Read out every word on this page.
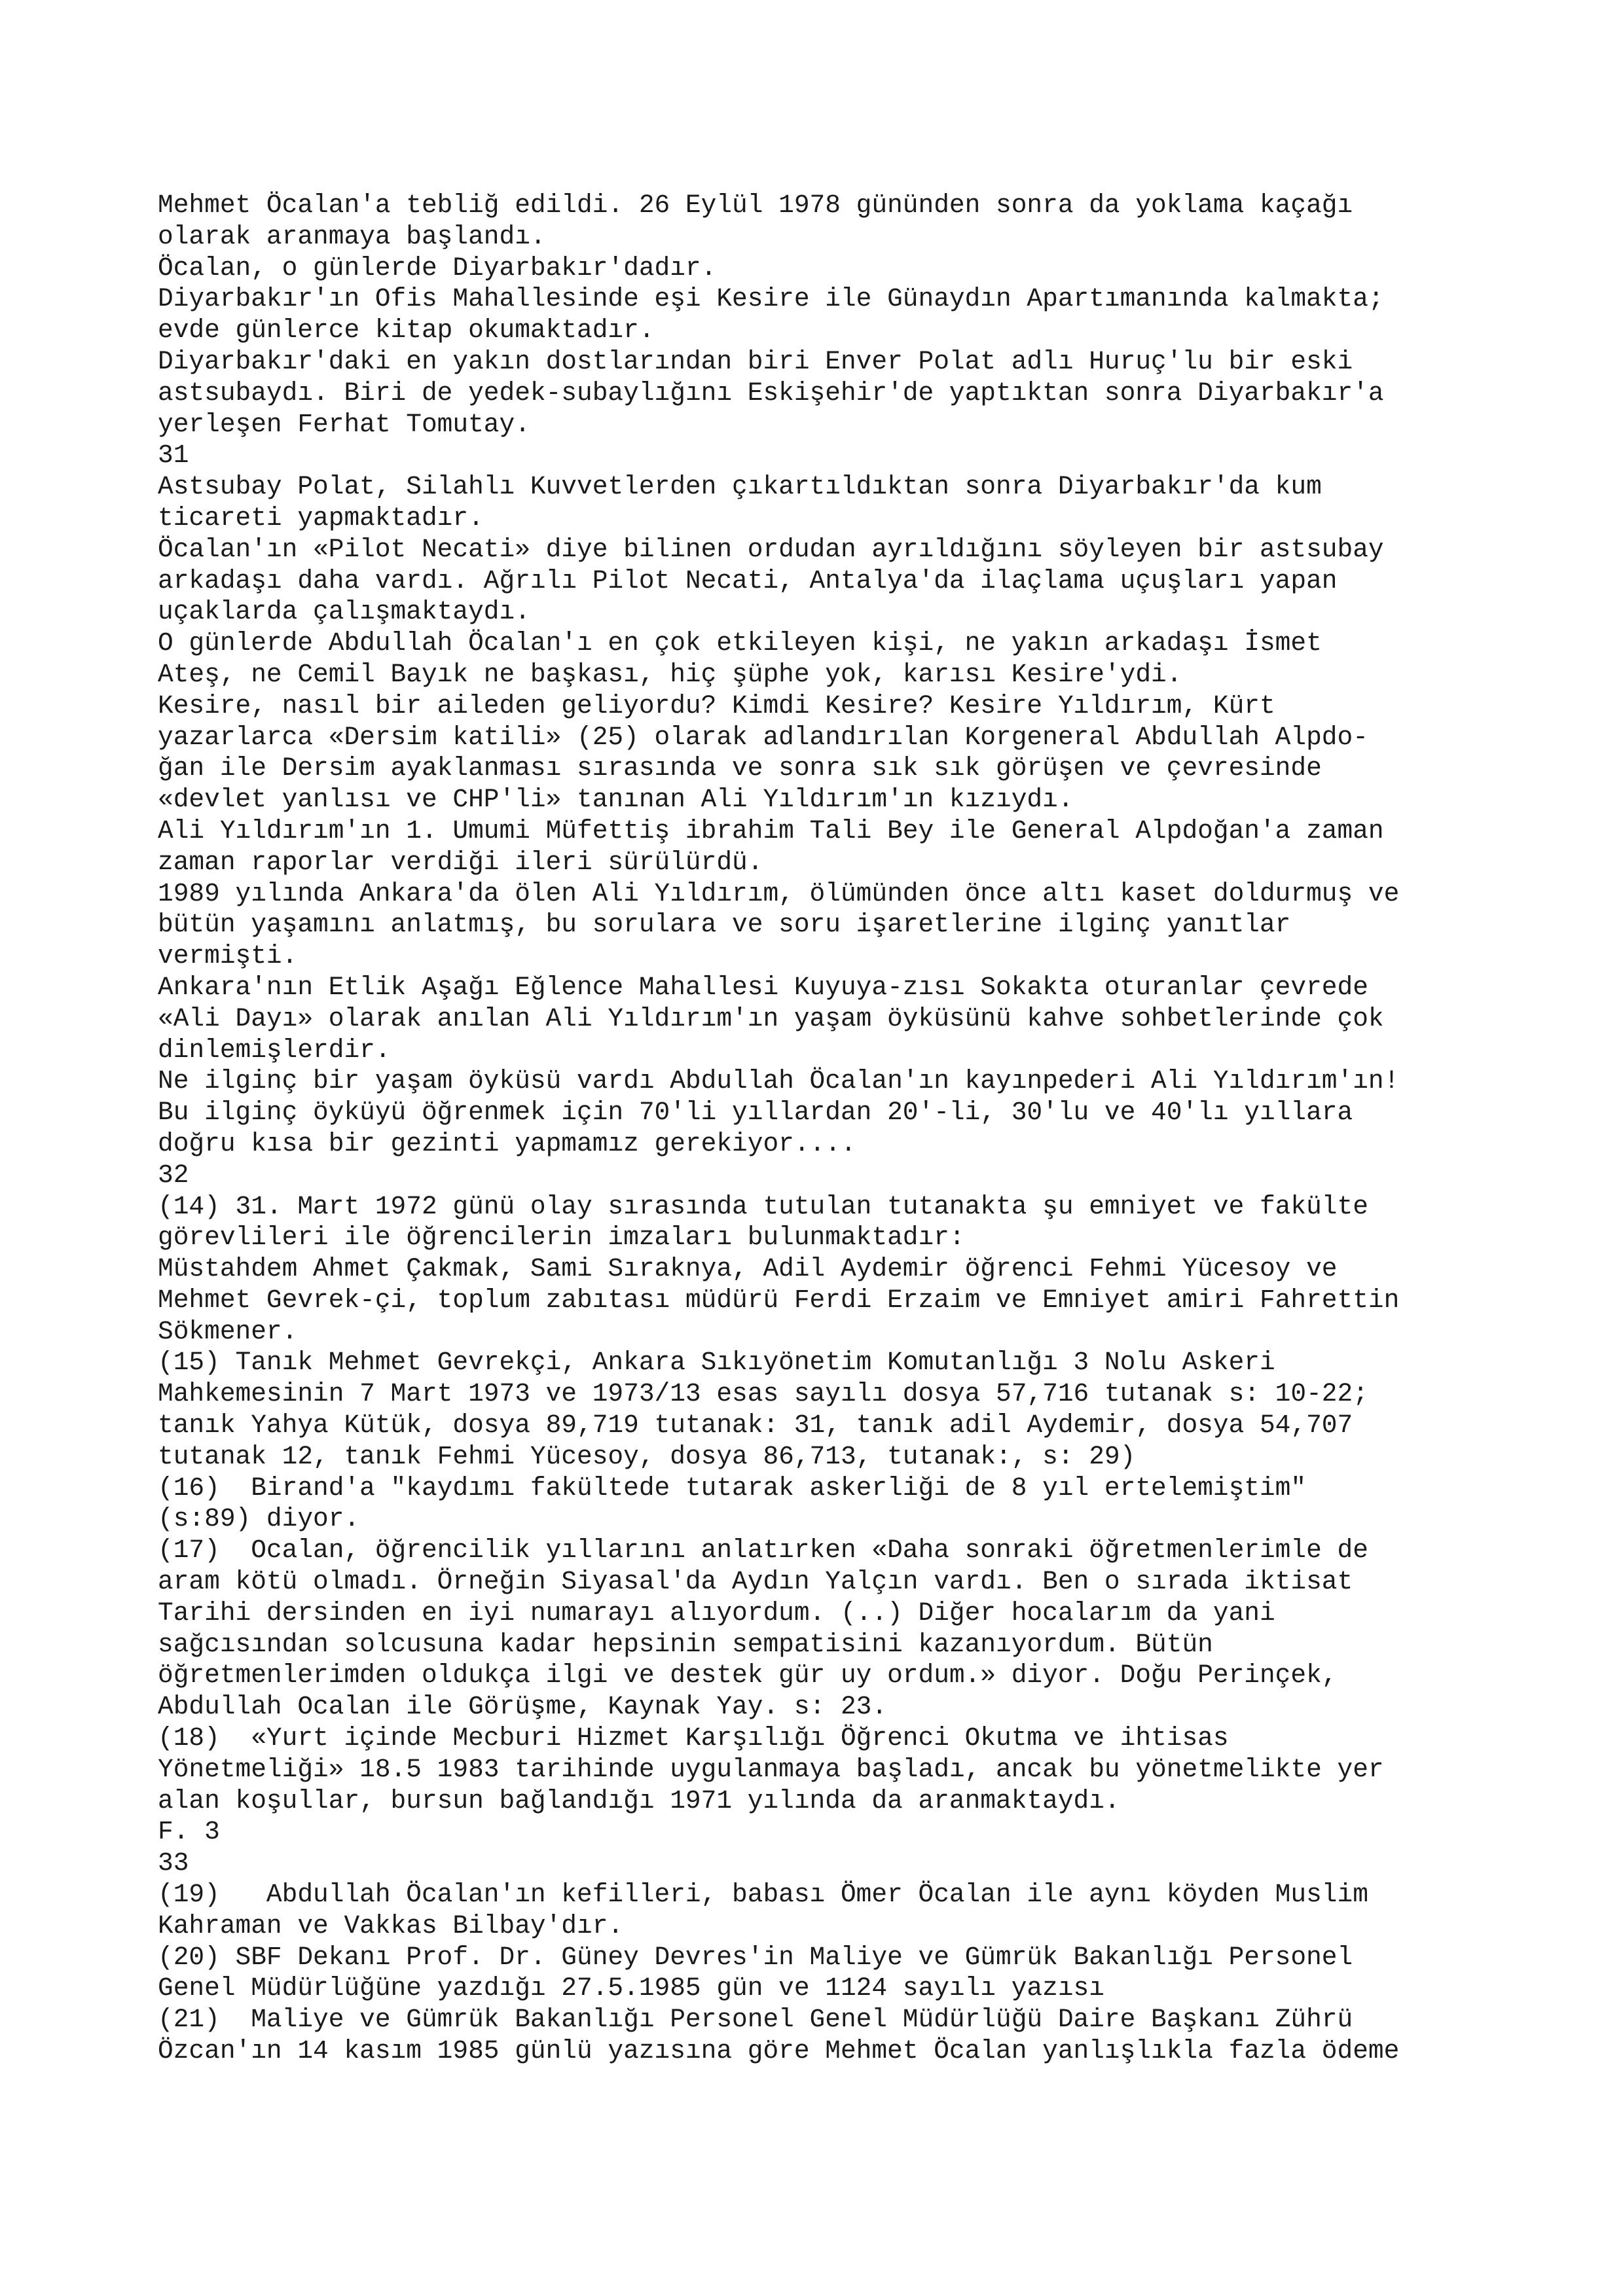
Mehmet Öcalan'a tebliğ edildi. 26 Eylül 1978 gününden sonra da yoklama kaçağı
olarak aranmaya başlandı.
Öcalan, o günlerde Diyarbakır'dadır.
Diyarbakır'ın Ofis Mahallesinde eşi Kesire ile Günaydın Apartımanında kalmakta;
evde günlerce kitap okumaktadır.
Diyarbakır'daki en yakın dostlarından biri Enver Polat adlı Huruç'lu bir eski
astsubaydı. Biri de yedek-subaylığını Eskişehir'de yaptıktan sonra Diyarbakır'a
yerleşen Ferhat Tomutay.
31
Astsubay Polat, Silahlı Kuvvetlerden çıkartıldıktan sonra Diyarbakır'da kum
ticareti yapmaktadır.
Öcalan'ın «Pilot Necati» diye bilinen ordudan ayrıldığını söyleyen bir astsubay
arkadaşı daha vardı. Ağrılı Pilot Necati, Antalya'da ilaçlama uçuşları yapan
uçaklarda çalışmaktaydı.
O günlerde Abdullah Öcalan'ı en çok etkileyen kişi, ne yakın arkadaşı İsmet
Ateş, ne Cemil Bayık ne başkası, hiç şüphe yok, karısı Kesire'ydi.
Kesire, nasıl bir aileden geliyordu? Kimdi Kesire? Kesire Yıldırım, Kürt
yazarlarca «Dersim katili» (25) olarak adlandırılan Korgeneral Abdullah Alpdo-
ğan ile Dersim ayaklanması sırasında ve sonra sık sık görüşen ve çevresinde
«devlet yanlısı ve CHP'li» tanınan Ali Yıldırım'ın kızıydı.
Ali Yıldırım'ın 1. Umumi Müfettiş ibrahim Tali Bey ile General Alpdoğan'a zaman
zaman raporlar verdiği ileri sürülürdü.
1989 yılında Ankara'da ölen Ali Yıldırım, ölümünden önce altı kaset doldurmuş ve
bütün yaşamını anlatmış, bu sorulara ve soru işaretlerine ilginç yanıtlar
vermişti.
Ankara'nın Etlik Aşağı Eğlence Mahallesi Kuyuya-zısı Sokakta oturanlar çevrede
«Ali Dayı» olarak anılan Ali Yıldırım'ın yaşam öyküsünü kahve sohbetlerinde çok
dinlemişlerdir.
Ne ilginç bir yaşam öyküsü vardı Abdullah Öcalan'ın kayınpederi Ali Yıldırım'ın!
Bu ilginç öyküyü öğrenmek için 70'li yıllardan 20'-li, 30'lu ve 40'lı yıllara
doğru kısa bir gezinti yapmamız gerekiyor....
32
(14) 31. Mart 1972 günü olay sırasında tutulan tutanakta şu emniyet ve fakülte
görevlileri ile öğrencilerin imzaları bulunmaktadır:
Müstahdem Ahmet Çakmak, Sami Sıraknya, Adil Aydemir öğrenci Fehmi Yücesoy ve
Mehmet Gevrek-çi, toplum zabıtası müdürü Ferdi Erzaim ve Emniyet amiri Fahrettin
Sökmener.
(15) Tanık Mehmet Gevrekçi, Ankara Sıkıyönetim Komutanlığı 3 Nolu Askeri
Mahkemesinin 7 Mart 1973 ve 1973/13 esas sayılı dosya 57,716 tutanak s: 10-22;
tanık Yahya Kütük, dosya 89,719 tutanak: 31, tanık adil Aydemir, dosya 54,707
tutanak 12, tanık Fehmi Yücesoy, dosya 86,713, tutanak:, s: 29)
(16)  Birand'a "kaydımı fakültede tutarak askerliği de 8 yıl ertelemiştim"
(s:89) diyor.
(17)  Ocalan, öğrencilik yıllarını anlatırken «Daha sonraki öğretmenlerimle de
aram kötü olmadı. Örneğin Siyasal'da Aydın Yalçın vardı. Ben o sırada iktisat
Tarihi dersinden en iyi numarayı alıyordum. (..) Diğer hocalarım da yani
sağcısından solcusuna kadar hepsinin sempatisini kazanıyordum. Bütün
öğretmenlerimden oldukça ilgi ve destek gür uy ordum.» diyor. Doğu Perinçek,
Abdullah Ocalan ile Görüşme, Kaynak Yay. s: 23.
(18)  «Yurt içinde Mecburi Hizmet Karşılığı Öğrenci Okutma ve ihtisas
Yönetmeliği» 18.5 1983 tarihinde uygulanmaya başladı, ancak bu yönetmelikte yer
alan koşullar, bursun bağlandığı 1971 yılında da aranmaktaydı.
F. 3
33
(19)   Abdullah Öcalan'ın kefilleri, babası Ömer Öcalan ile aynı köyden Muslim
Kahraman ve Vakkas Bilbay'dır.
(20) SBF Dekanı Prof. Dr. Güney Devres'in Maliye ve Gümrük Bakanlığı Personel
Genel Müdürlüğüne yazdığı 27.5.1985 gün ve 1124 sayılı yazısı
(21)  Maliye ve Gümrük Bakanlığı Personel Genel Müdürlüğü Daire Başkanı Zührü
Özcan'ın 14 kasım 1985 günlü yazısına göre Mehmet Öcalan yanlışlıkla fazla ödeme
